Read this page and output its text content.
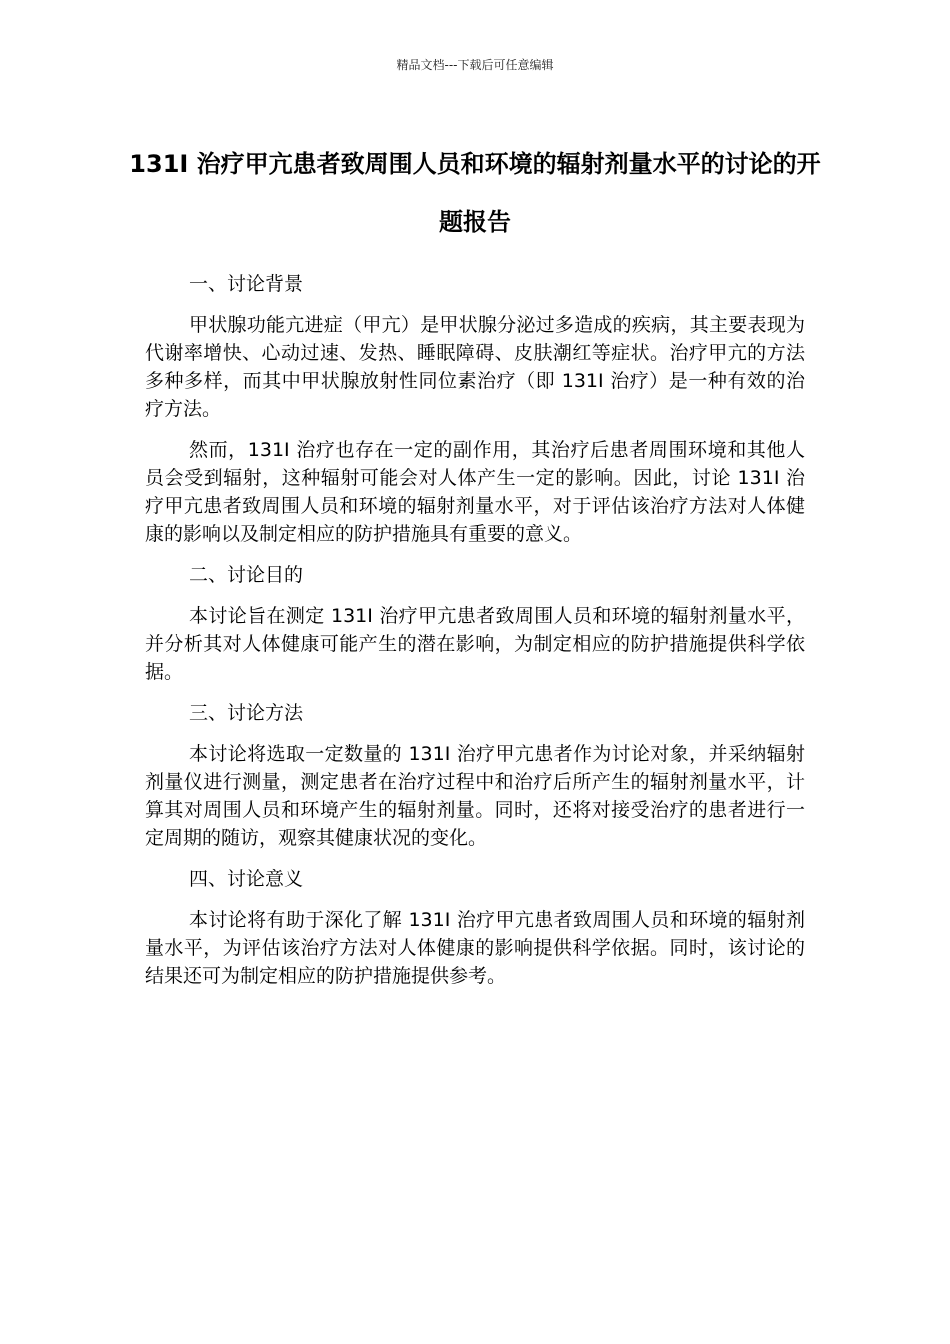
精品文档---下载后可任意编辑
131I 治疗甲亢患者致周围人员和环境的辐射剂量水平的讨论的开题报告

一、讨论背景

甲状腺功能亢进症（甲亢）是甲状腺分泌过多造成的疾病，其主要表现为代谢率增快、心动过速、发热、睡眠障碍、皮肤潮红等症状。治疗甲亢的方法多种多样，而其中甲状腺放射性同位素治疗（即 131I 治疗）是一种有效的治疗方法。

然而，131I 治疗也存在一定的副作用，其治疗后患者周围环境和其他人员会受到辐射，这种辐射可能会对人体产生一定的影响。因此，讨论 131I 治疗甲亢患者致周围人员和环境的辐射剂量水平，对于评估该治疗方法对人体健康的影响以及制定相应的防护措施具有重要的意义。

二、讨论目的

本讨论旨在测定 131I 治疗甲亢患者致周围人员和环境的辐射剂量水平，并分析其对人体健康可能产生的潜在影响，为制定相应的防护措施提供科学依据。

三、讨论方法

本讨论将选取一定数量的 131I 治疗甲亢患者作为讨论对象，并采纳辐射剂量仪进行测量，测定患者在治疗过程中和治疗后所产生的辐射剂量水平，计算其对周围人员和环境产生的辐射剂量。同时，还将对接受治疗的患者进行一定周期的随访，观察其健康状况的变化。

四、讨论意义

本讨论将有助于深化了解 131I 治疗甲亢患者致周围人员和环境的辐射剂量水平，为评估该治疗方法对人体健康的影响提供科学依据。同时，该讨论的结果还可为制定相应的防护措施提供参考。
